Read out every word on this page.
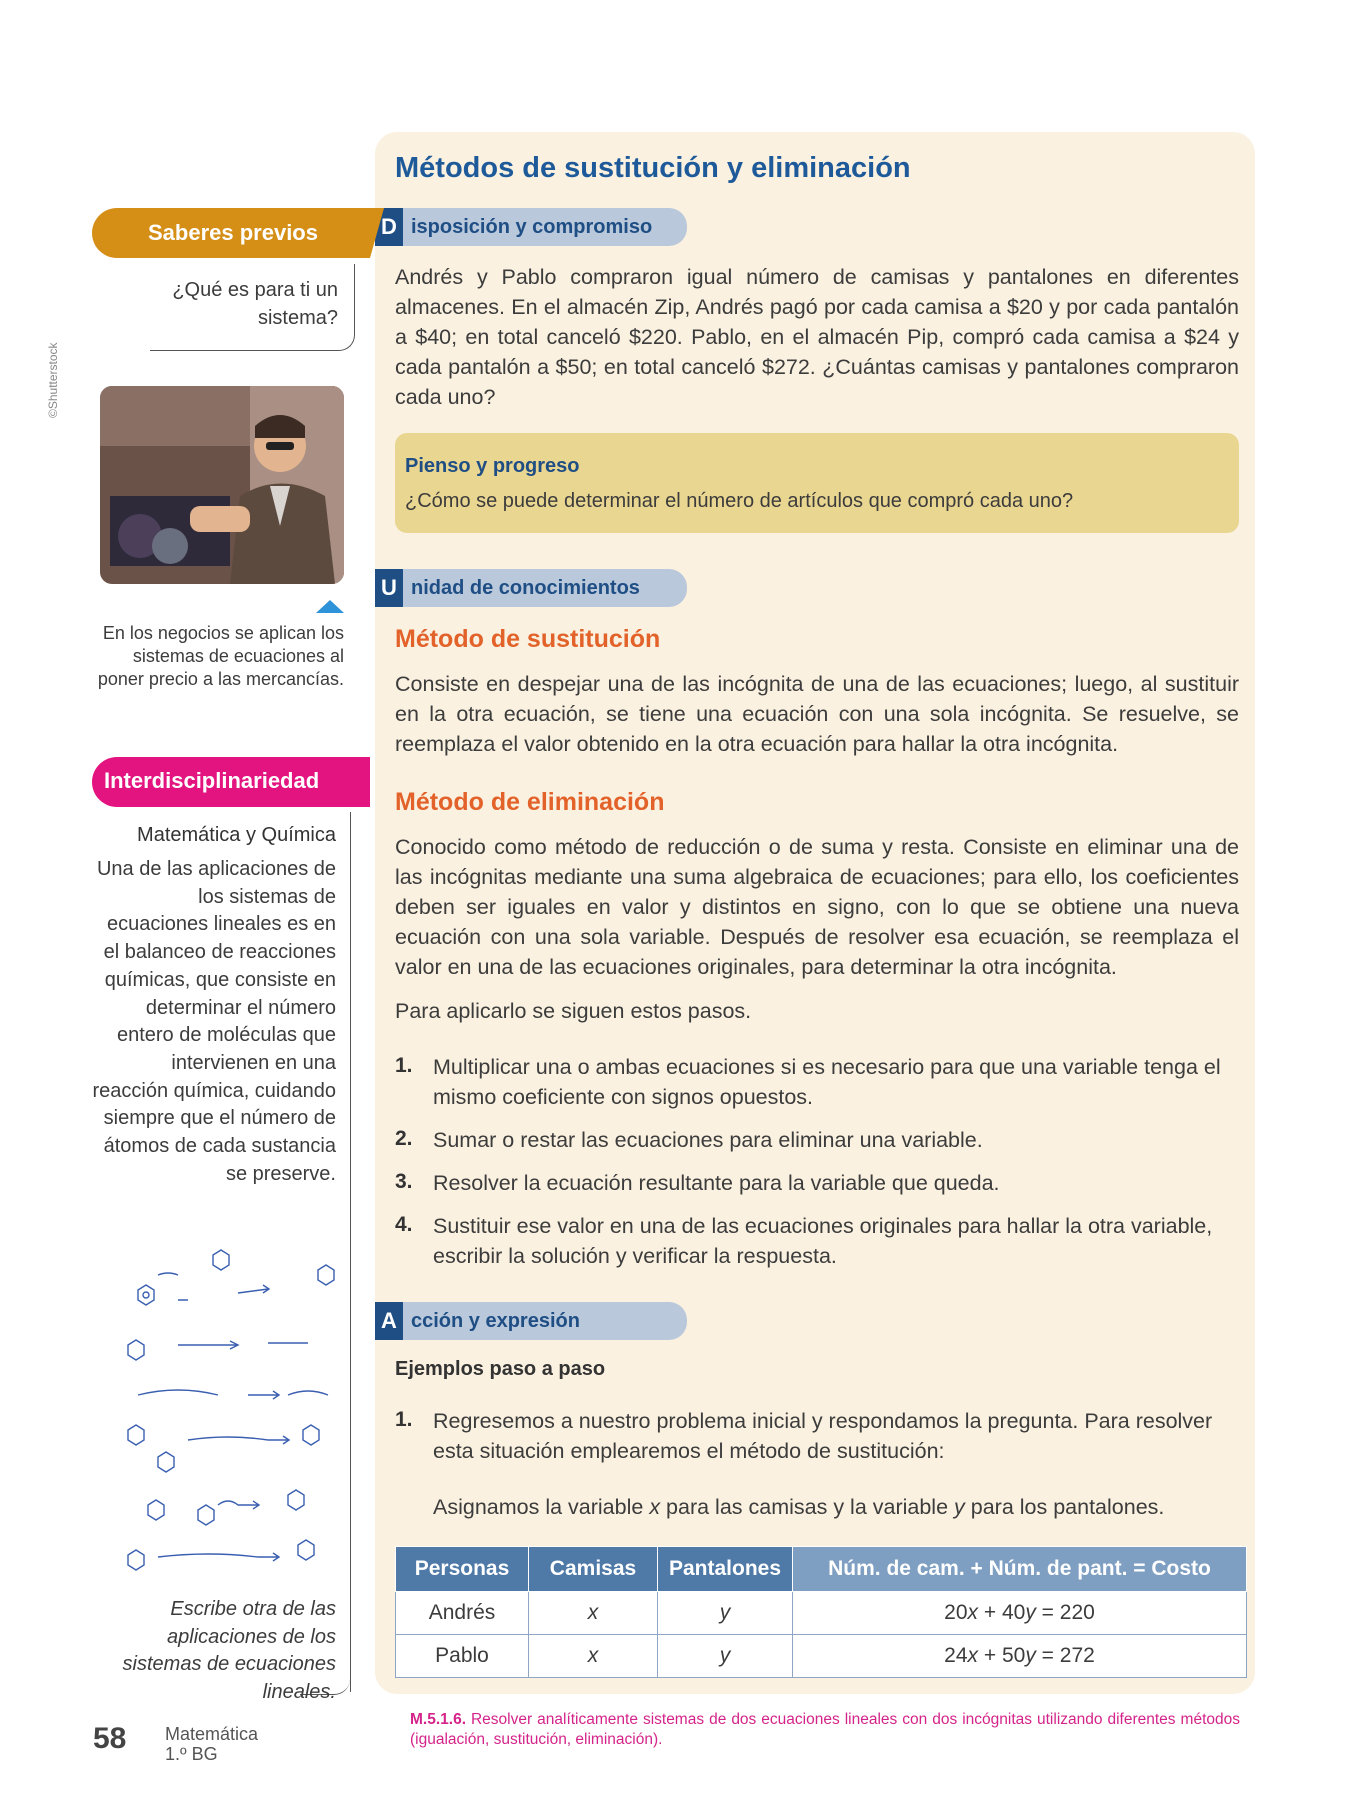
Métodos de sustitución y eliminación
D isposición y compromiso
Andrés y Pablo compraron igual número de camisas y pantalones en diferentes almacenes. En el almacén Zip, Andrés pagó por cada camisa a $20 y por cada pantalón a $40; en total canceló $220. Pablo, en el almacén Pip, compró cada camisa a $24 y cada pantalón a $50; en total canceló $272. ¿Cuántas camisas y pantalones compraron cada uno?
Pienso y progreso
¿Cómo se puede determinar el número de artículos que compró cada uno?
U nidad de conocimientos
Método de sustitución
Consiste en despejar una de las incógnita de una de las ecuaciones; luego, al sustituir en la otra ecuación, se tiene una ecuación con una sola incógnita. Se resuelve, se reemplaza el valor obtenido en la otra ecuación para hallar la otra incógnita.
Método de eliminación
Conocido como método de reducción o de suma y resta. Consiste en eliminar una de las incógnitas mediante una suma algebraica de ecuaciones; para ello, los coeficientes deben ser iguales en valor y distintos en signo, con lo que se obtiene una nueva ecuación con una sola variable. Después de resolver esa ecuación, se reemplaza el valor en una de las ecuaciones originales, para determinar la otra incógnita.
Para aplicarlo se siguen estos pasos.
1. Multiplicar una o ambas ecuaciones si es necesario para que una variable tenga el mismo coeficiente con signos opuestos.
2. Sumar o restar las ecuaciones para eliminar una variable.
3. Resolver la ecuación resultante para la variable que queda.
4. Sustituir ese valor en una de las ecuaciones originales para hallar la otra variable, escribir la solución y verificar la respuesta.
A cción y expresión
Ejemplos paso a paso
1. Regresemos a nuestro problema inicial y respondamos la pregunta. Para resolver esta situación emplearemos el método de sustitución:
Asignamos la variable x para las camisas y la variable y para los pantalones.
Personas	Camisas	Pantalones	Núm. de cam. + Núm. de pant. = Costo
Andrés	x	y	20x + 40y = 220
Pablo	x	y	24x + 50y = 272
Saberes previos
¿Qué es para ti un sistema?
©Shutterstock
En los negocios se aplican los sistemas de ecuaciones al poner precio a las mercancías.
Interdisciplinariedad
Matemática y Química
Una de las aplicaciones de los sistemas de ecuaciones lineales es en el balanceo de reacciones químicas, que consiste en determinar el número entero de moléculas que intervienen en una reacción química, cuidando siempre que el número de átomos de cada sustancia se preserve.
Escribe otra de las aplicaciones de los sistemas de ecuaciones lineales.
58 Matemática
1.º BG
M.5.1.6. Resolver analíticamente sistemas de dos ecuaciones lineales con dos incógnitas utilizando diferentes métodos (igualación, sustitución, eliminación).
